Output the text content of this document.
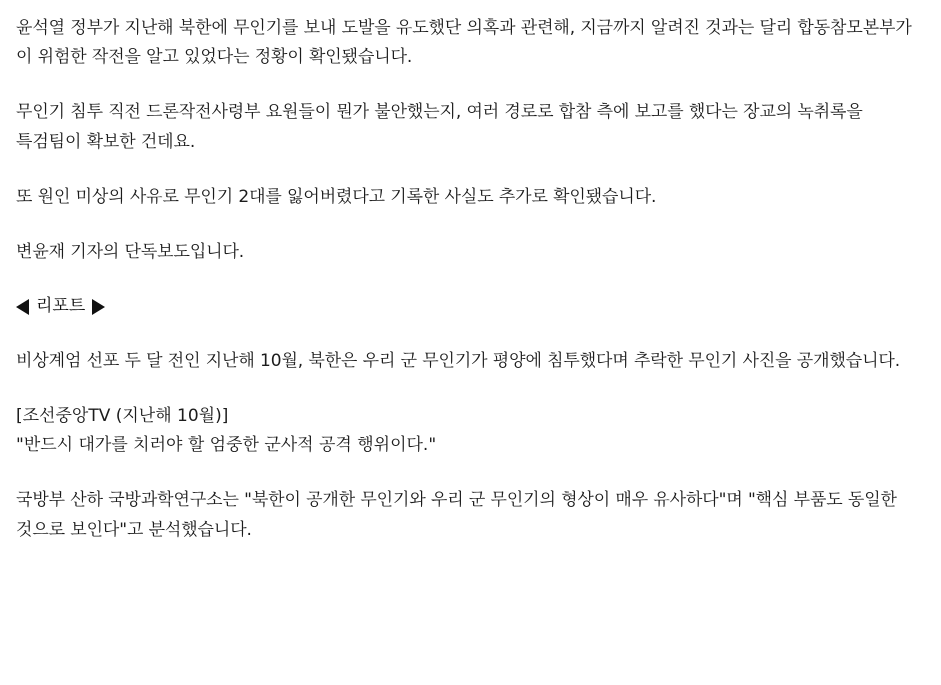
윤석열 정부가 지난해 북한에 무인기를 보내 도발을 유도했단 의혹과 관련해, 지금까지 알려진 것과는 달리 합동참모본부가 이 위험한 작전을 알고 있었다는 정황이 확인됐습니다.

무인기 침투 직전 드론작전사령부 요원들이 뭔가 불안했는지, 여러 경로로 합참 측에 보고를 했다는 장교의 녹취록을 특검팀이 확보한 건데요.

또 원인 미상의 사유로 무인기 2대를 잃어버렸다고 기록한 사실도 추가로 확인됐습니다.

변윤재 기자의 단독보도입니다.

리포트

비상계엄 선포 두 달 전인 지난해 10월, 북한은 우리 군 무인기가 평양에 침투했다며 추락한 무인기 사진을 공개했습니다.

[조선중앙TV (지난해 10월)]

"반드시 대가를 치러야 할 엄중한 군사적 공격 행위이다."

국방부 산하 국방과학연구소는 "북한이 공개한 무인기와 우리 군 무인기의 형상이 매우 유사하다"며 "핵심 부품도 동일한 것으로 보인다"고 분석했습니다.
